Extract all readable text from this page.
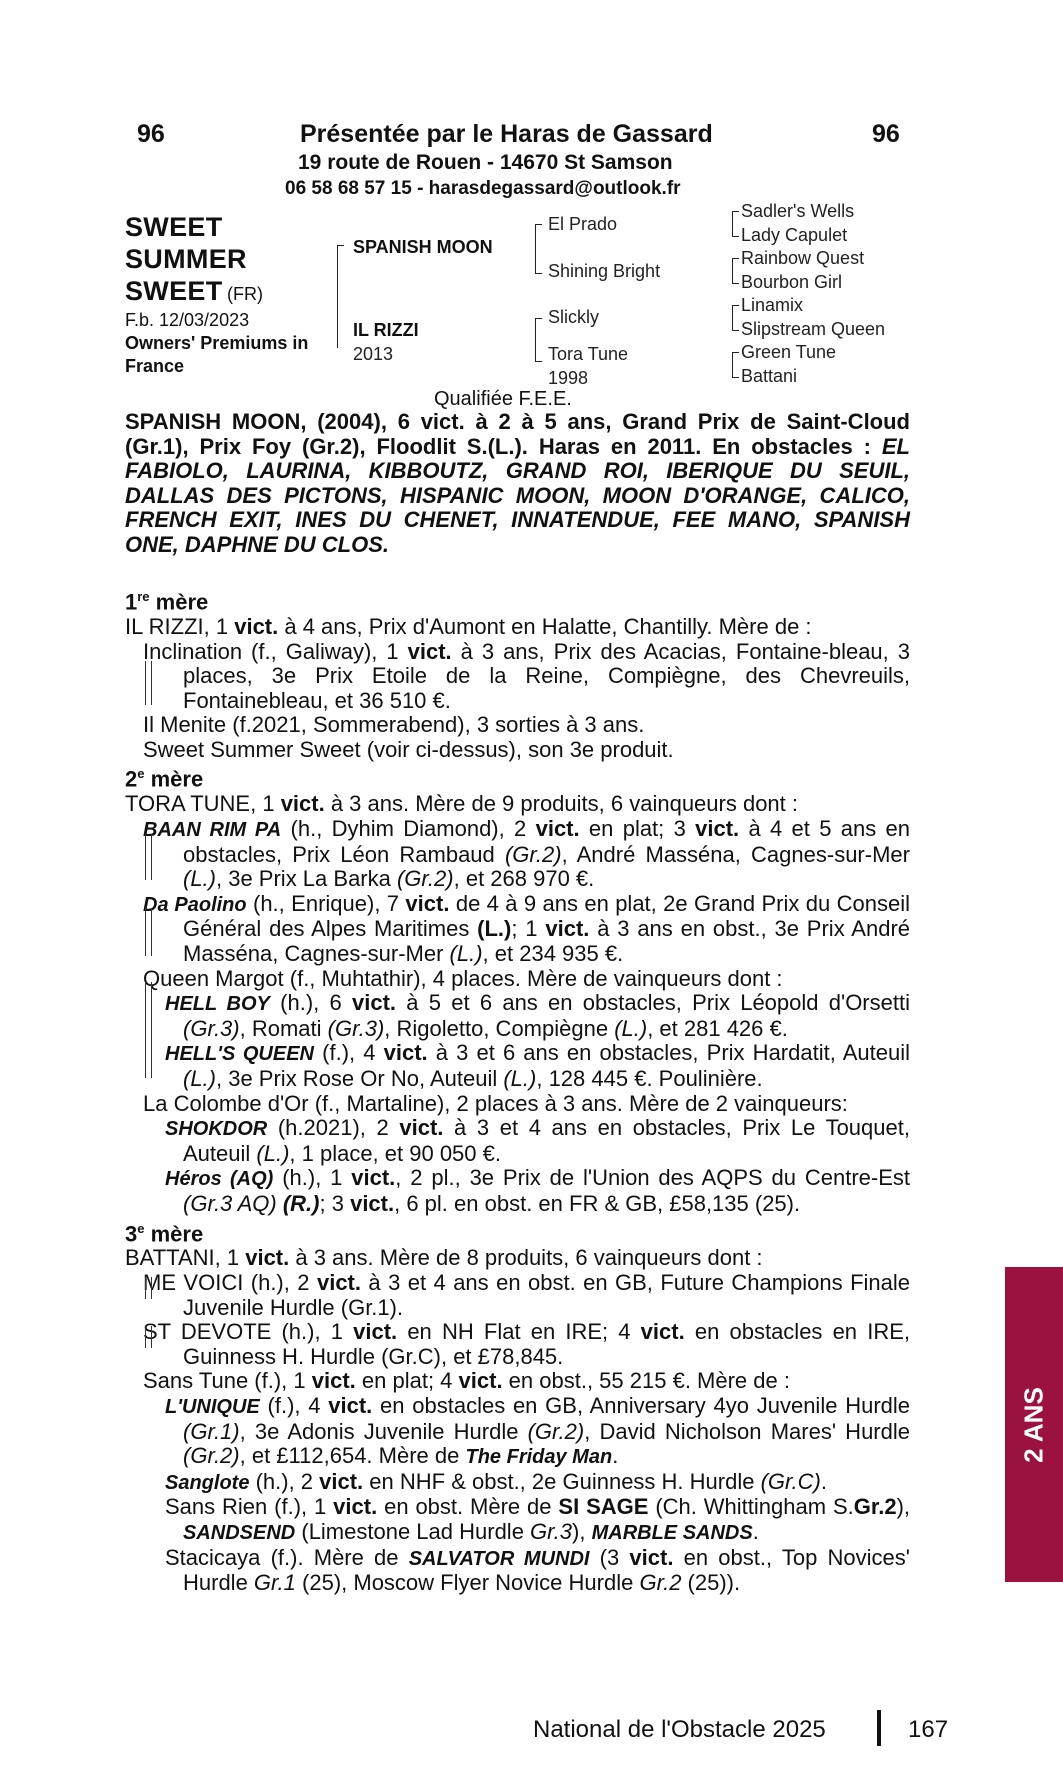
96	Présentée par le Haras de Gassard	96
19 route de Rouen - 14670 St Samson
06 58 68 57 15 - harasdegassard@outlook.fr
SWEET
SUMMER
SWEET (FR)
F.b. 12/03/2023
Owners' Premiums in
France
SPANISH MOON
IL RIZZI
2013
El Prado
Shining Bright
Slickly
Tora Tune
1998
Sadler's Wells
Lady Capulet
Rainbow Quest
Bourbon Girl
Linamix
Slipstream Queen
Green Tune
Battani
Qualifiée F.E.E.
SPANISH MOON, (2004), 6 vict. à 2 à 5 ans, Grand Prix de Saint-Cloud (Gr.1), Prix Foy (Gr.2), Floodlit S.(L.). Haras en 2011. En obstacles : EL FABIOLO, LAURINA, KIBBOUTZ, GRAND ROI, IBERIQUE DU SEUIL, DALLAS DES PICTONS, HISPANIC MOON, MOON D'ORANGE, CALICO, FRENCH EXIT, INES DU CHENET, INNATENDUE, FEE MANO, SPANISH ONE, DAPHNE DU CLOS.

1re mère

IL RIZZI, 1 vict. à 4 ans, Prix d'Aumont en Halatte, Chantilly. Mère de :

Inclination (f., Galiway), 1 vict. à 3 ans, Prix des Acacias, Fontaine-bleau, 3 places, 3e Prix Etoile de la Reine, Compiègne, des Chevreuils, Fontainebleau, et 36 510 €.

Il Menite (f.2021, Sommerabend), 3 sorties à 3 ans.

Sweet Summer Sweet (voir ci-dessus), son 3e produit.

2e mère

TORA TUNE, 1 vict. à 3 ans. Mère de 9 produits, 6 vainqueurs dont :

BAAN RIM PA (h., Dyhim Diamond), 2 vict. en plat; 3 vict. à 4 et 5 ans en obstacles, Prix Léon Rambaud (Gr.2), André Masséna, Cagnes-sur-Mer (L.), 3e Prix La Barka (Gr.2), et 268 970 €.

Da Paolino (h., Enrique), 7 vict. de 4 à 9 ans en plat, 2e Grand Prix du Conseil Général des Alpes Maritimes (L.); 1 vict. à 3 ans en obst., 3e Prix André Masséna, Cagnes-sur-Mer (L.), et 234 935 €.

Queen Margot (f., Muhtathir), 4 places. Mère de vainqueurs dont :

HELL BOY (h.), 6 vict. à 5 et 6 ans en obstacles, Prix Léopold d'Orsetti (Gr.3), Romati (Gr.3), Rigoletto, Compiègne (L.), et 281 426 €.

HELL'S QUEEN (f.), 4 vict. à 3 et 6 ans en obstacles, Prix Hardatit, Auteuil (L.), 3e Prix Rose Or No, Auteuil (L.), 128 445 €. Poulinière.

La Colombe d'Or (f., Martaline), 2 places à 3 ans. Mère de 2 vainqueurs:

SHOKDOR (h.2021), 2 vict. à 3 et 4 ans en obstacles, Prix Le Touquet, Auteuil (L.), 1 place, et 90 050 €.

Héros (AQ) (h.), 1 vict., 2 pl., 3e Prix de l'Union des AQPS du Centre-Est (Gr.3 AQ) (R.); 3 vict., 6 pl. en obst. en FR & GB, £58,135 (25).

3e mère

BATTANI, 1 vict. à 3 ans. Mère de 8 produits, 6 vainqueurs dont :

ME VOICI (h.), 2 vict. à 3 et 4 ans en obst. en GB, Future Champions Finale Juvenile Hurdle (Gr.1).

ST DEVOTE (h.), 1 vict. en NH Flat en IRE; 4 vict. en obstacles en IRE, Guinness H. Hurdle (Gr.C), et £78,845.

Sans Tune (f.), 1 vict. en plat; 4 vict. en obst., 55 215 €. Mère de :

L'UNIQUE (f.), 4 vict. en obstacles en GB, Anniversary 4yo Juvenile Hurdle (Gr.1), 3e Adonis Juvenile Hurdle (Gr.2), David Nicholson Mares' Hurdle (Gr.2), et £112,654. Mère de The Friday Man.

Sanglote (h.), 2 vict. en NHF & obst., 2e Guinness H. Hurdle (Gr.C).

Sans Rien (f.), 1 vict. en obst. Mère de SI SAGE (Ch. Whittingham S.Gr.2), SANDSEND (Limestone Lad Hurdle Gr.3), MARBLE SANDS.

Stacicaya (f.). Mère de SALVATOR MUNDI (3 vict. en obst., Top Novices' Hurdle Gr.1 (25), Moscow Flyer Novice Hurdle Gr.2 (25)).

2 ANS
National de l'Obstacle 2025	167
